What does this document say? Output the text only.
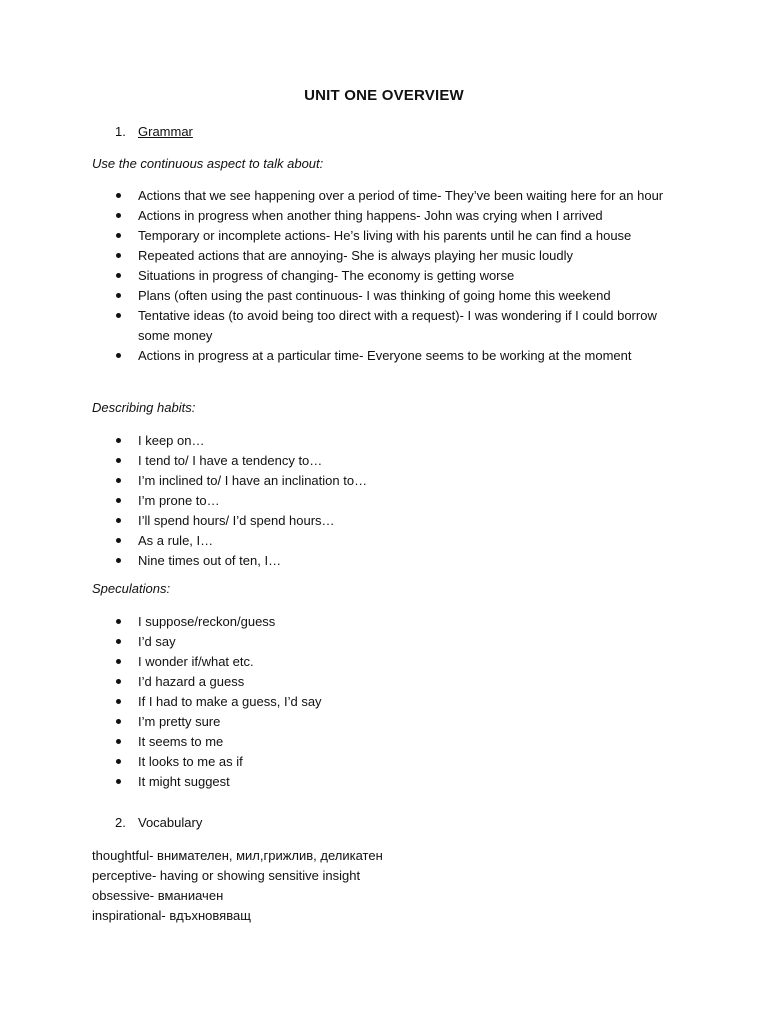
UNIT ONE OVERVIEW
1. Grammar
Use the continuous aspect to talk about:
Actions that we see happening over a period of time- They’ve been waiting here for an hour
Actions in progress when another thing happens- John was crying when I arrived
Temporary or incomplete actions- He’s living with his parents until he can find a house
Repeated actions that are annoying- She is always playing her music loudly
Situations in progress of changing- The economy is getting worse
Plans (often using the past continuous- I was thinking of going home this weekend
Tentative ideas (to avoid being too direct with a request)- I was wondering if I could borrow some money
Actions in progress at a particular time- Everyone seems to be working at the moment
Describing habits:
I keep on…
I tend to/ I have a tendency to…
I’m inclined to/ I have an inclination to…
I’m prone to…
I’ll spend hours/ I’d spend hours…
As a rule, I…
Nine times out of ten, I…
Speculations:
I suppose/reckon/guess
I’d say
I wonder if/what etc.
I’d hazard a guess
If I had to make a guess, I’d say
I’m pretty sure
It seems to me
It looks to me as if
It might suggest
2. Vocabulary
thoughtful- внимателен, мил,грижлив, деликатен
perceptive- having or showing sensitive insight
obsessive- вманиачен
inspirational- вдъхновяващ
